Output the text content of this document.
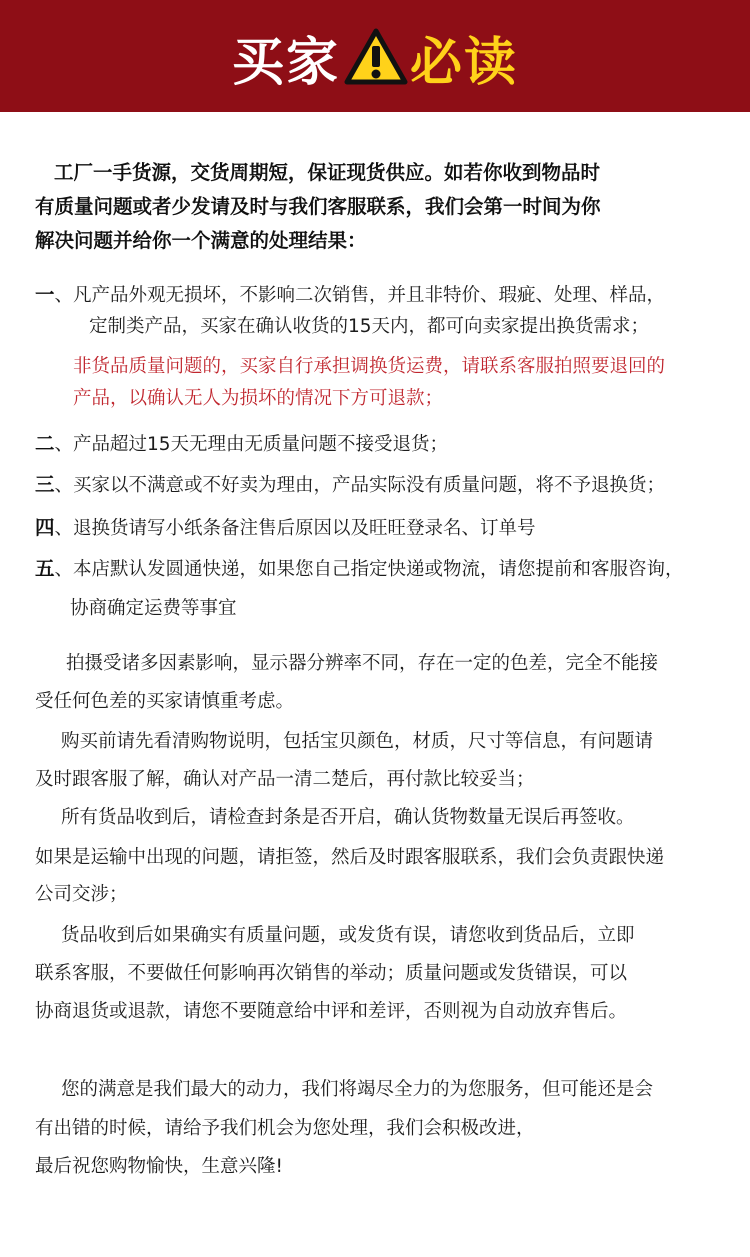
买家 必读
工厂一手货源，交货周期短，保证现货供应。如若你收到物品时
有质量问题或者少发请及时与我们客服联系，我们会第一时间为你
解决问题并给你一个满意的处理结果：
一、凡产品外观无损坏，不影响二次销售，并且非特价、瑕疵、处理、样品，
定制类产品，买家在确认收货的15天内，都可向卖家提出换货需求；
非货品质量问题的，买家自行承担调换货运费，请联系客服拍照要退回的
产品，以确认无人为损坏的情况下方可退款；
二、产品超过15天无理由无质量问题不接受退货；
三、买家以不满意或不好卖为理由，产品实际没有质量问题，将不予退换货；
四、退换货请写小纸条备注售后原因以及旺旺登录名、订单号
五、本店默认发圆通快递，如果您自己指定快递或物流，请您提前和客服咨询，
协商确定运费等事宜
拍摄受诸多因素影响，显示器分辨率不同，存在一定的色差，完全不能接
受任何色差的买家请慎重考虑。
购买前请先看清购物说明，包括宝贝颜色，材质，尺寸等信息，有问题请
及时跟客服了解，确认对产品一清二楚后，再付款比较妥当；
所有货品收到后，请检查封条是否开启，确认货物数量无误后再签收。
如果是运输中出现的问题，请拒签，然后及时跟客服联系，我们会负责跟快递
公司交涉；
货品收到后如果确实有质量问题，或发货有误，请您收到货品后，立即
联系客服，不要做任何影响再次销售的举动；质量问题或发货错误，可以
协商退货或退款，请您不要随意给中评和差评，否则视为自动放弃售后。
您的满意是我们最大的动力，我们将竭尽全力的为您服务，但可能还是会
有出错的时候，请给予我们机会为您处理，我们会积极改进，
最后祝您购物愉快，生意兴隆!
